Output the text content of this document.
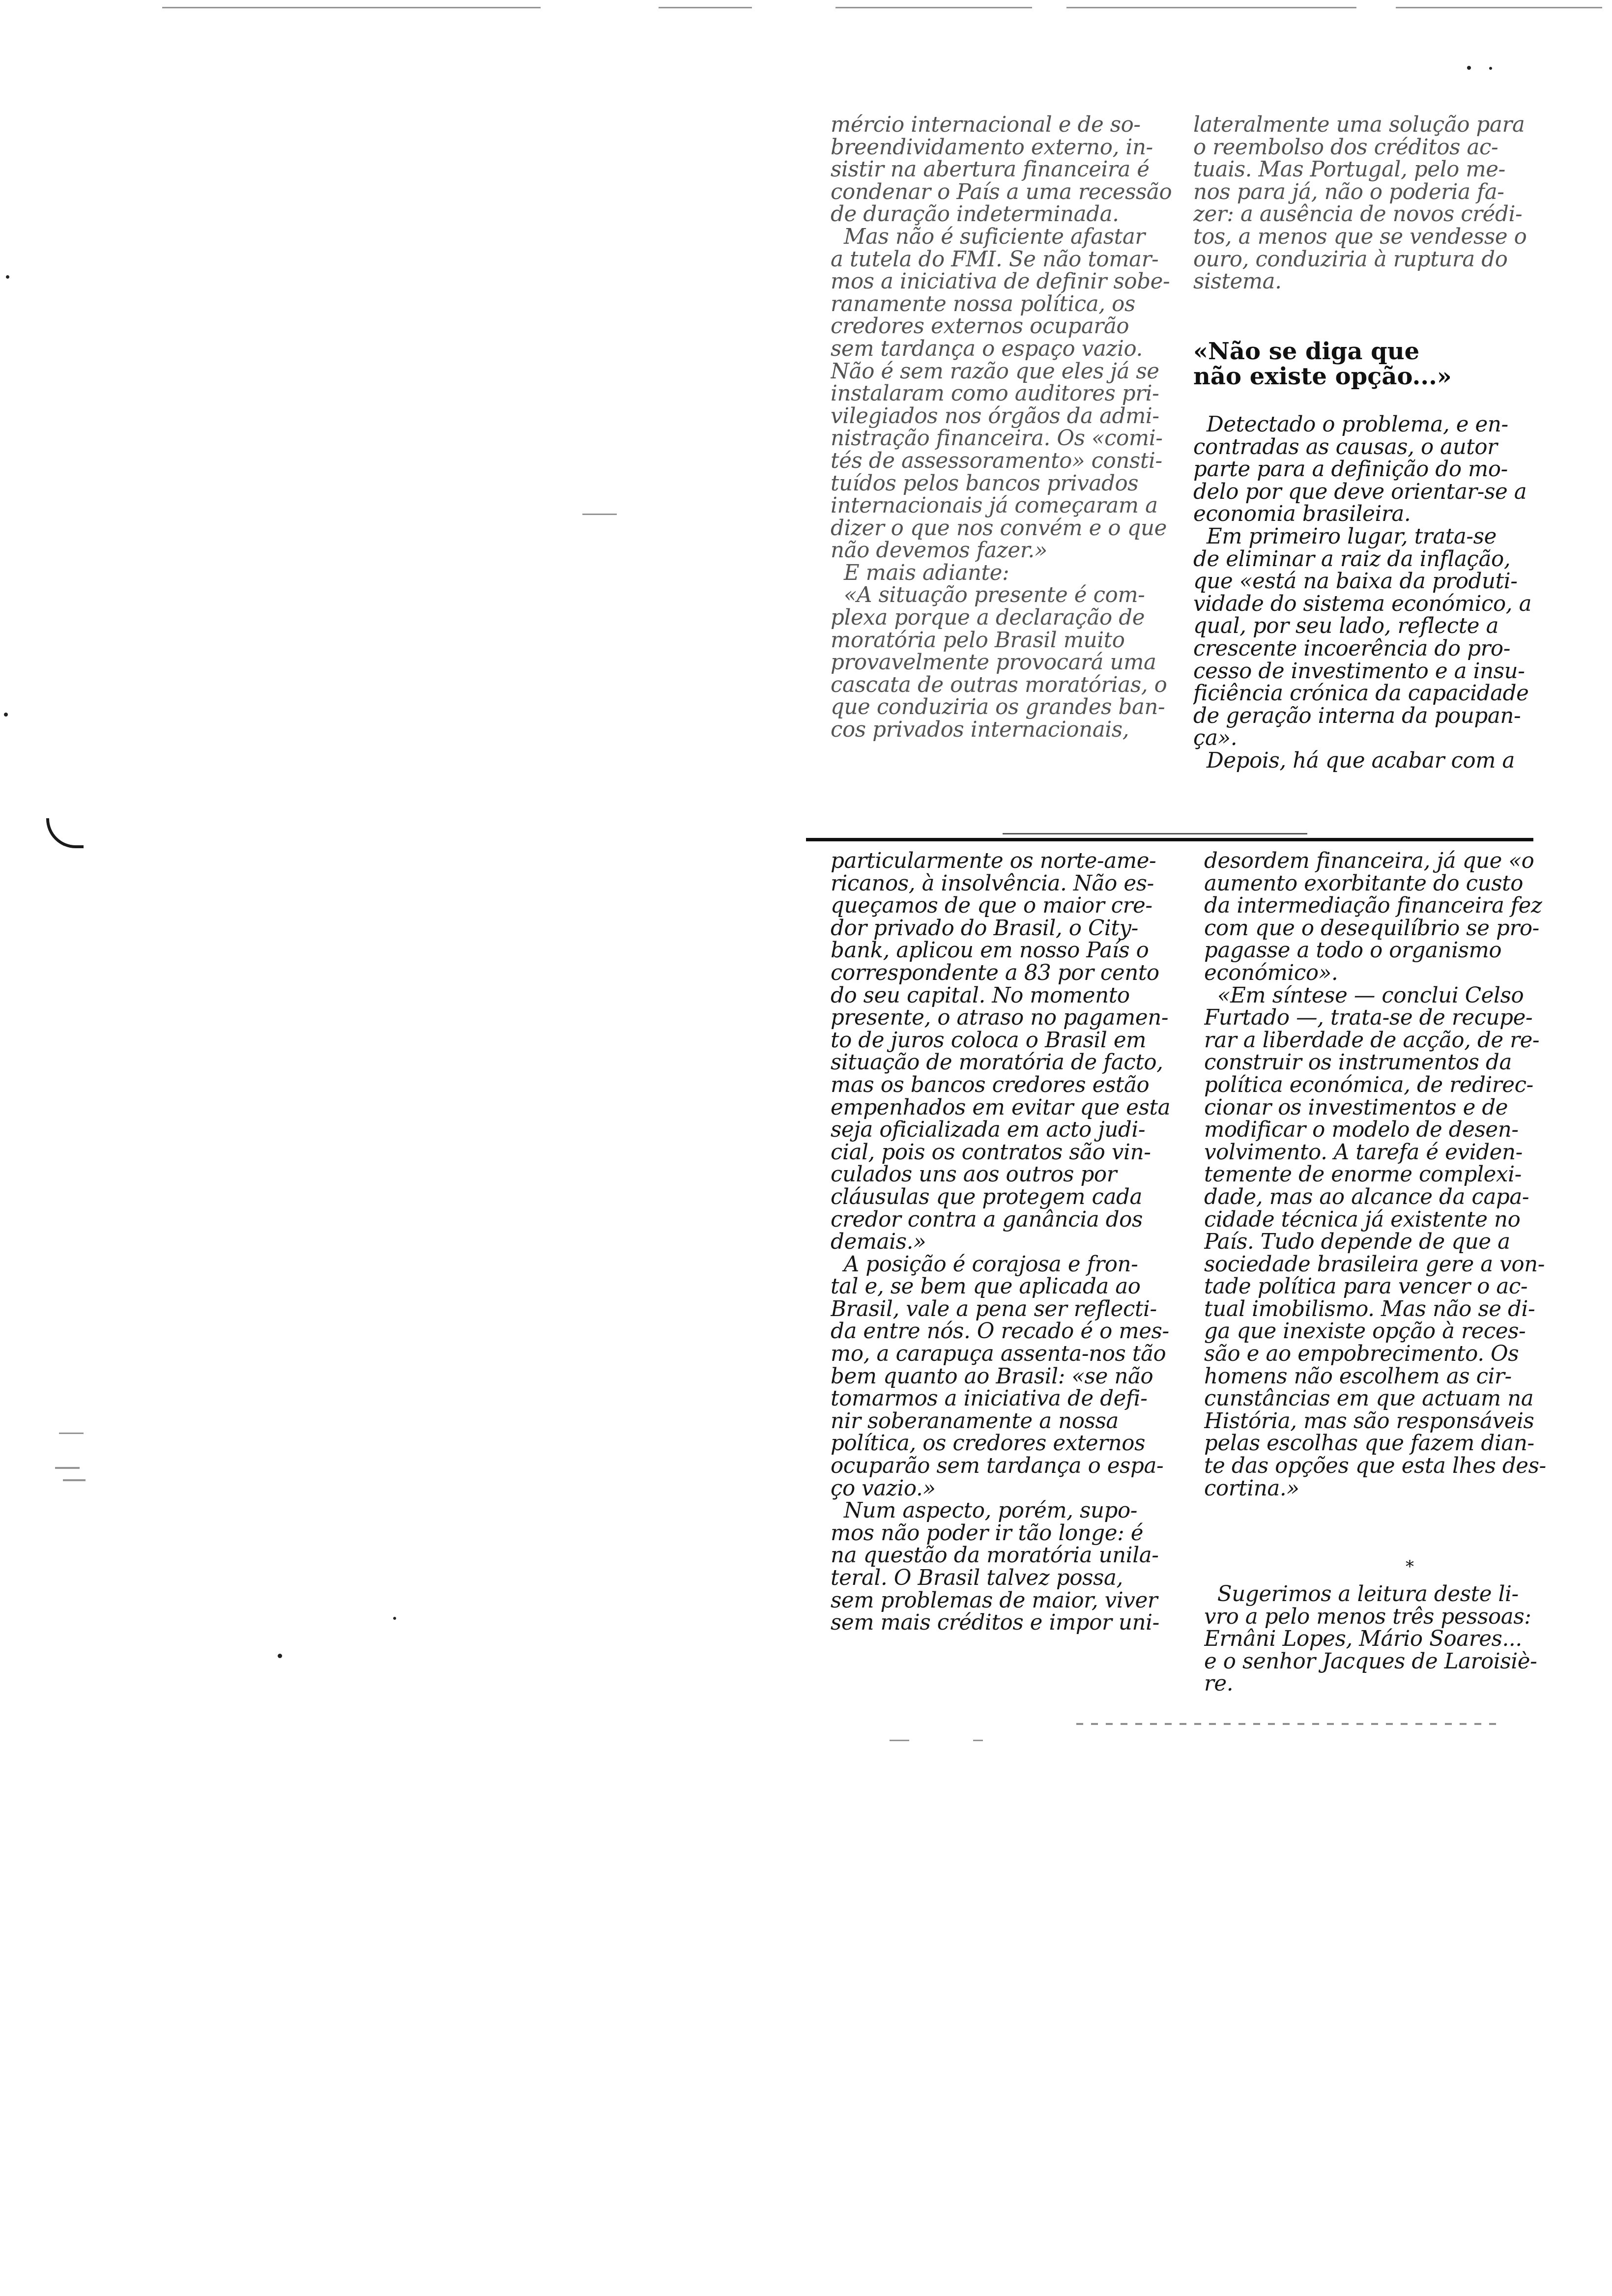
mércio internacional e de so-
breendividamento externo, in-
sistir na abertura financeira é
condenar o País a uma recessão
de duração indeterminada.
Mas não é suficiente afastar
a tutela do FMI. Se não tomar-
mos a iniciativa de definir sobe-
ranamente nossa política, os
credores externos ocuparão
sem tardança o espaço vazio.
Não é sem razão que eles já se
instalaram como auditores pri-
vilegiados nos órgãos da admi-
nistração financeira. Os «comi-
tés de assessoramento» consti-
tuídos pelos bancos privados
internacionais já começaram a
dizer o que nos convém e o que
não devemos fazer.»
E mais adiante:
«A situação presente é com-
plexa porque a declaração de
moratória pelo Brasil muito
provavelmente provocará uma
cascata de outras moratórias, o
que conduziria os grandes ban-
cos privados internacionais,

lateralmente uma solução para
o reembolso dos créditos ac-
tuais. Mas Portugal, pelo me-
nos para já, não o poderia fa-
zer: a ausência de novos crédi-
tos, a menos que se vendesse o
ouro, conduziria à ruptura do
sistema.

«Não se diga que
não existe opção...»

Detectado o problema, e en-
contradas as causas, o autor
parte para a definição do mo-
delo por que deve orientar-se a
economia brasileira.
Em primeiro lugar, trata-se
de eliminar a raiz da inflação,
que «está na baixa da produti-
vidade do sistema económico, a
qual, por seu lado, reflecte a
crescente incoerência do pro-
cesso de investimento e a insu-
ficiência crónica da capacidade
de geração interna da poupan-
ça».
Depois, há que acabar com a

particularmente os norte-ame-
ricanos, à insolvência. Não es-
queçamos de que o maior cre-
dor privado do Brasil, o City-
bank, aplicou em nosso País o
correspondente a 83 por cento
do seu capital. No momento
presente, o atraso no pagamen-
to de juros coloca o Brasil em
situação de moratória de facto,
mas os bancos credores estão
empenhados em evitar que esta
seja oficializada em acto judi-
cial, pois os contratos são vin-
culados uns aos outros por
cláusulas que protegem cada
credor contra a ganância dos
demais.»
A posição é corajosa e fron-
tal e, se bem que aplicada ao
Brasil, vale a pena ser reflecti-
da entre nós. O recado é o mes-
mo, a carapuça assenta-nos tão
bem quanto ao Brasil: «se não
tomarmos a iniciativa de defi-
nir soberanamente a nossa
política, os credores externos
ocuparão sem tardança o espa-
ço vazio.»
Num aspecto, porém, supo-
mos não poder ir tão longe: é
na questão da moratória unila-
teral. O Brasil talvez possa,
sem problemas de maior, viver
sem mais créditos e impor uni-

desordem financeira, já que «o
aumento exorbitante do custo
da intermediação financeira fez
com que o desequilíbrio se pro-
pagasse a todo o organismo
económico».
«Em síntese — conclui Celso
Furtado —, trata-se de recupe-
rar a liberdade de acção, de re-
construir os instrumentos da
política económica, de redirec-
cionar os investimentos e de
modificar o modelo de desen-
volvimento. A tarefa é eviden-
temente de enorme complexi-
dade, mas ao alcance da capa-
cidade técnica já existente no
País. Tudo depende de que a
sociedade brasileira gere a von-
tade política para vencer o ac-
tual imobilismo. Mas não se di-
ga que inexiste opção à reces-
são e ao empobrecimento. Os
homens não escolhem as cir-
cunstâncias em que actuam na
História, mas são responsáveis
pelas escolhas que fazem dian-
te das opções que esta lhes des-
cortina.»

*

Sugerimos a leitura deste li-
vro a pelo menos três pessoas:
Ernâni Lopes, Mário Soares...
e o senhor Jacques de Laroisiè-
re.
